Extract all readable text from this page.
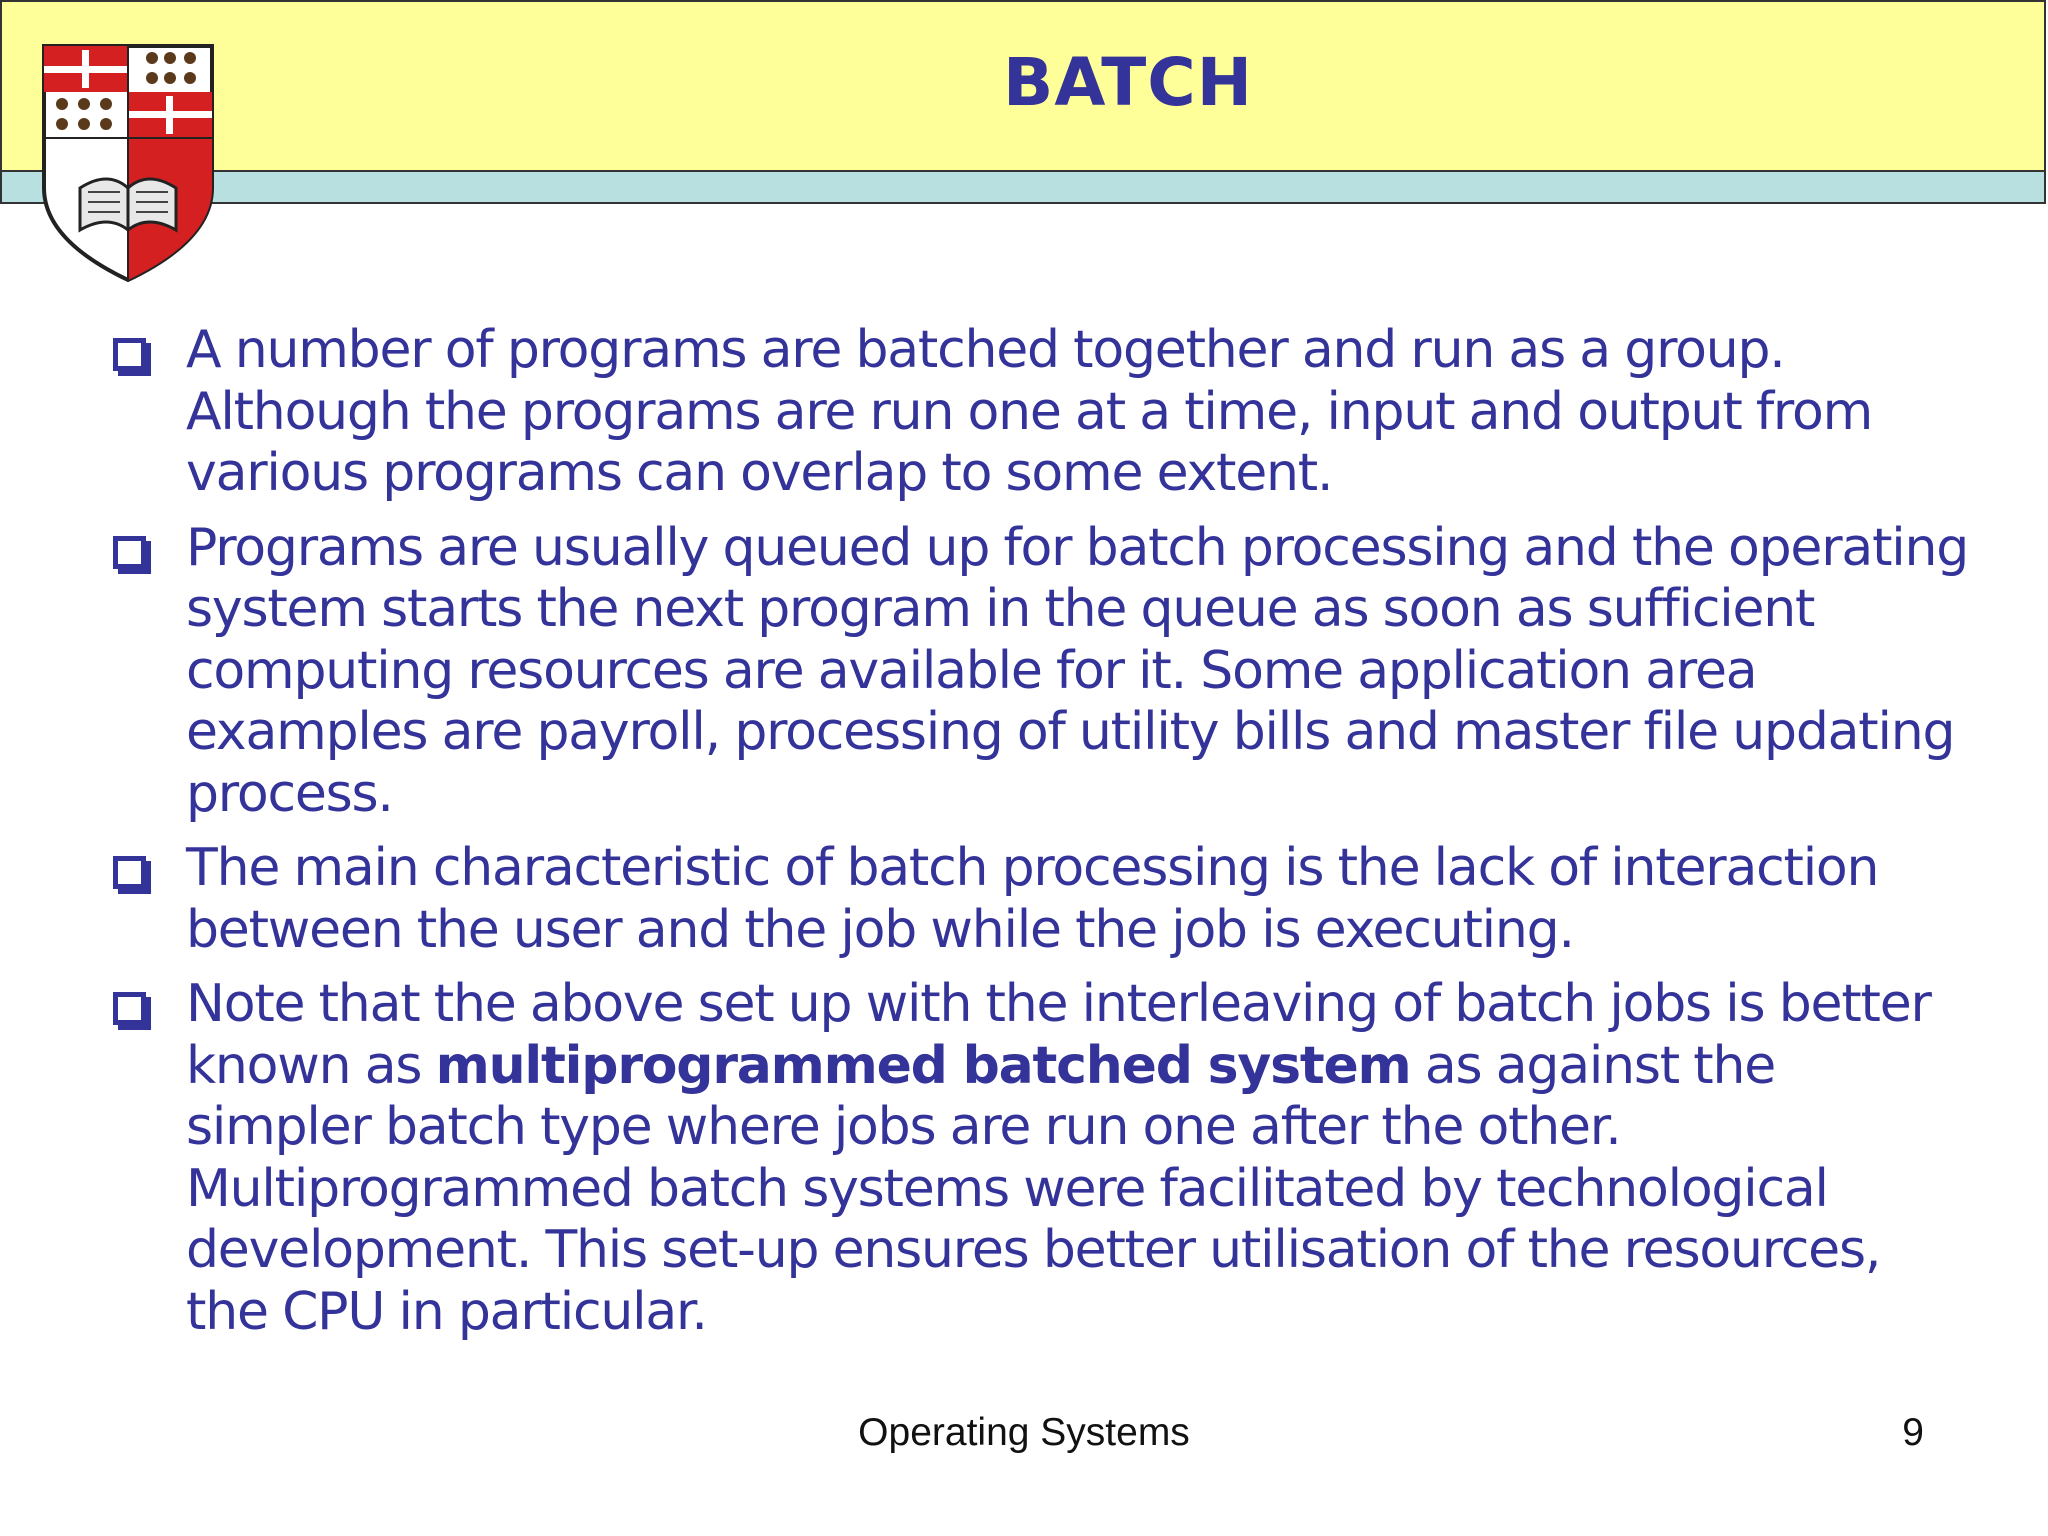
BATCH
A number of programs are batched together and run as a group. Although the programs are run one at a time, input and output from various programs can overlap to some extent.
Programs are usually queued up for batch processing and the operating system starts the next program in the queue as soon as sufficient computing resources are available for it. Some application area examples are payroll, processing of utility bills and master file updating process.
The main characteristic of batch processing is the lack of interaction between the user and the job while the job is executing.
Note that the above set up with the interleaving of batch jobs is better known as multiprogrammed batched system as against the simpler batch type where jobs are run one after the other. Multiprogrammed batch systems were facilitated by technological development. This set-up ensures better utilisation of the resources, the CPU in particular.

Operating Systems	9
